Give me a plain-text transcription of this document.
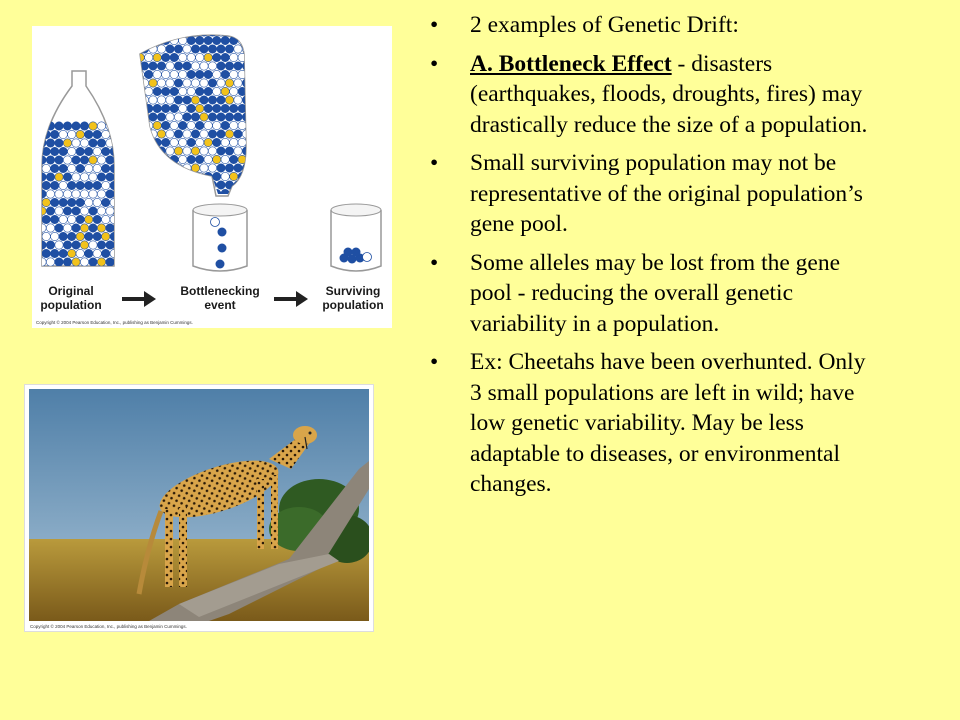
Original population
Bottlenecking event
Surviving population
Copyright © 2004 Pearson Education, Inc., publishing as Benjamin Cummings.
Copyright © 2004 Pearson Education, Inc., publishing as Benjamin Cummings.
• 2 examples of Genetic Drift:
• A. Bottleneck Effect - disasters (earthquakes, floods, droughts, fires) may drastically reduce the size of a population.
• Small surviving population may not be representative of the original population’s gene pool.
• Some alleles may be lost from the gene pool - reducing the overall genetic variability in a population.
• Ex: Cheetahs have been overhunted. Only 3 small populations are left in wild; have low genetic variability. May be less adaptable to diseases, or environmental changes.
